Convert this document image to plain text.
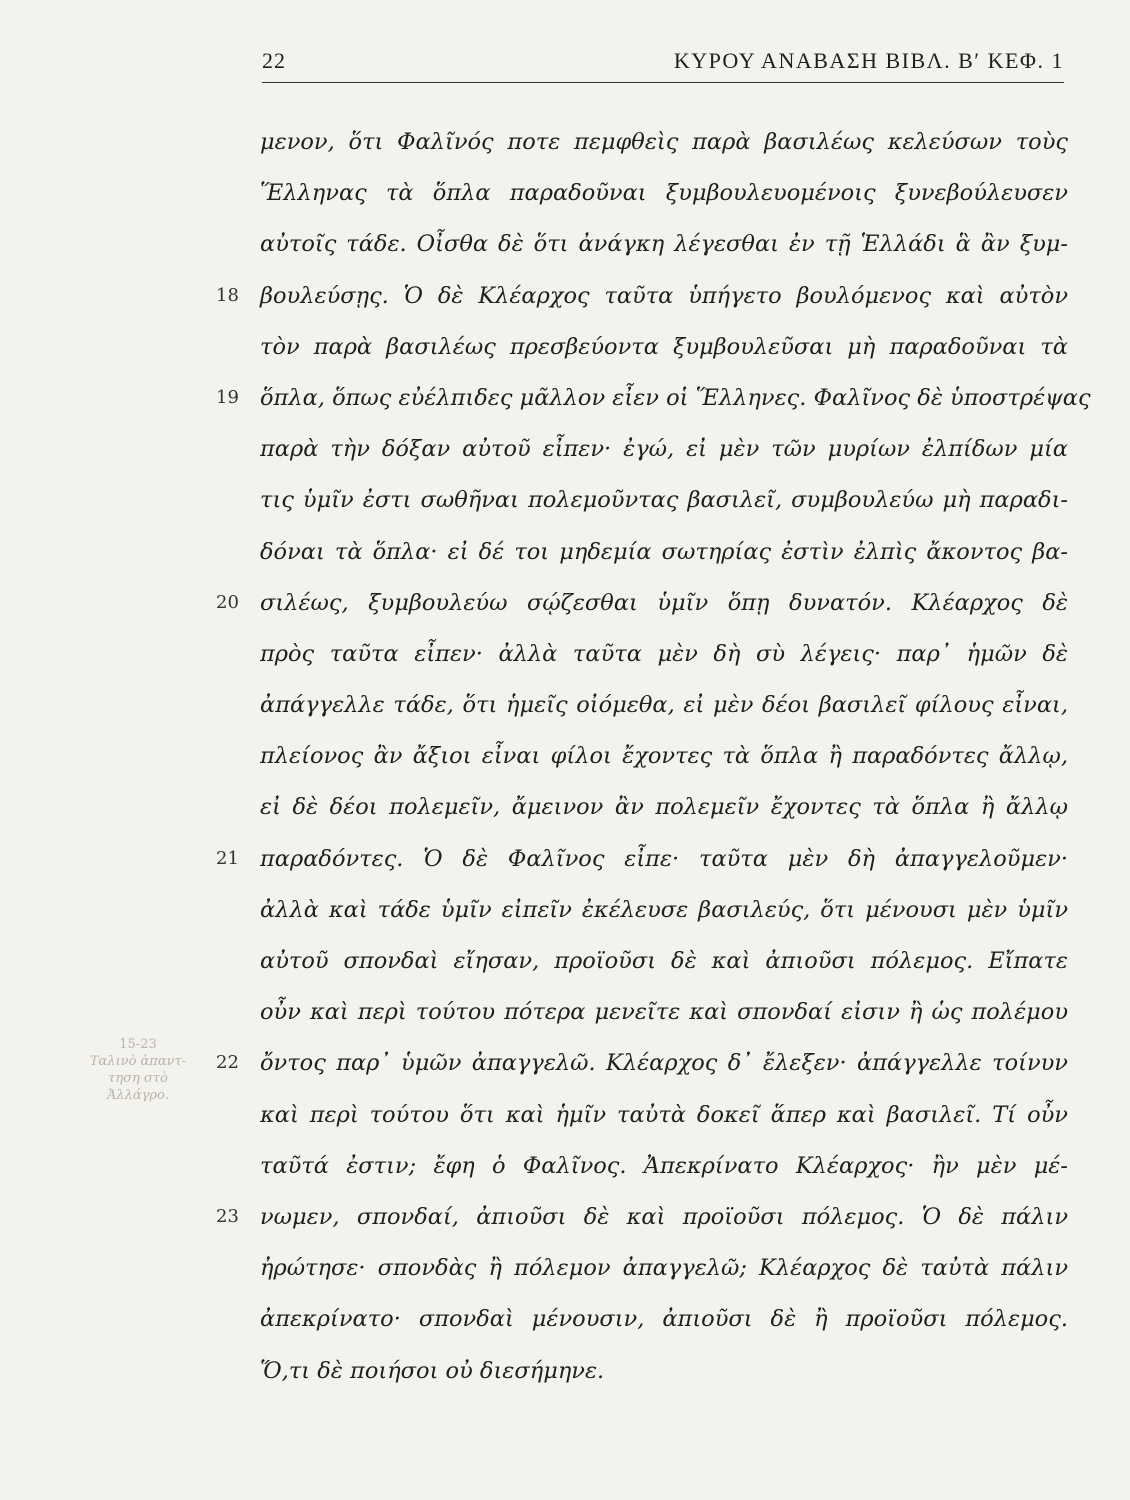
22	ΚΥΡΟΥ ΑΝΑΒΑΣΗ ΒΙΒΛ. Β′ ΚΕΦ. 1
μενον, ὅτι Φαλῖνός ποτε πεμφθεὶς παρὰ βασιλέως κελεύσων τοὺς
Ἕλληνας τὰ ὅπλα παραδοῦναι ξυμβουλευομένοις ξυνεβούλευσεν
αὐτοῖς τάδε. Οἶσθα δὲ ὅτι ἀνάγκη λέγεσθαι ἐν τῇ Ἑλλάδι ἃ ἂν ξυμ-
18 βουλεύσῃς. Ὁ δὲ Κλέαρχος ταῦτα ὑπήγετο βουλόμενος καὶ αὐτὸν
τὸν παρὰ βασιλέως πρεσβεύοντα ξυμβουλεῦσαι μὴ παραδοῦναι τὰ
19 ὅπλα, ὅπως εὐέλπιδες μᾶλλον εἶεν οἱ Ἕλληνες. Φαλῖνος δὲ ὑποστρέψας
παρὰ τὴν δόξαν αὐτοῦ εἶπεν· ἐγώ, εἰ μὲν τῶν μυρίων ἐλπίδων μία
τις ὑμῖν ἐστι σωθῆναι πολεμοῦντας βασιλεῖ, συμβουλεύω μὴ παραδι-
δόναι τὰ ὅπλα· εἰ δέ τοι μηδεμία σωτηρίας ἐστὶν ἐλπὶς ἄκοντος βα-
20 σιλέως, ξυμβουλεύω σῴζεσθαι ὑμῖν ὅπῃ δυνατόν. Κλέαρχος δὲ
πρὸς ταῦτα εἶπεν· ἀλλὰ ταῦτα μὲν δὴ σὺ λέγεις· παρ᾽ ἡμῶν δὲ
ἀπάγγελλε τάδε, ὅτι ἡμεῖς οἰόμεθα, εἰ μὲν δέοι βασιλεῖ φίλους εἶναι,
πλείονος ἂν ἄξιοι εἶναι φίλοι ἔχοντες τὰ ὅπλα ἢ παραδόντες ἄλλῳ,
εἰ δὲ δέοι πολεμεῖν, ἄμεινον ἂν πολεμεῖν ἔχοντες τὰ ὅπλα ἢ ἄλλῳ
21 παραδόντες. Ὁ δὲ Φαλῖνος εἶπε· ταῦτα μὲν δὴ ἀπαγγελοῦμεν·
ἀλλὰ καὶ τάδε ὑμῖν εἰπεῖν ἐκέλευσε βασιλεύς, ὅτι μένουσι μὲν ὑμῖν
αὐτοῦ σπονδαὶ εἴησαν, προϊοῦσι δὲ καὶ ἀπιοῦσι πόλεμος. Εἴπατε
οὖν καὶ περὶ τούτου πότερα μενεῖτε καὶ σπονδαί εἰσιν ἢ ὡς πολέμου
22 ὄντος παρ᾽ ὑμῶν ἀπαγγελῶ. Κλέαρχος δ᾽ ἔλεξεν· ἀπάγγελλε τοίνυν
καὶ περὶ τούτου ὅτι καὶ ἡμῖν ταὐτὰ δοκεῖ ἅπερ καὶ βασιλεῖ. Τί οὖν
ταῦτά ἐστιν; ἔφη ὁ Φαλῖνος. Ἀπεκρίνατο Κλέαρχος· ἢν μὲν μέ-
23 νωμεν, σπονδαί, ἀπιοῦσι δὲ καὶ προϊοῦσι πόλεμος. Ὁ δὲ πάλιν
ἠρώτησε· σπονδὰς ἢ πόλεμον ἀπαγγελῶ; Κλέαρχος δὲ ταὐτὰ πάλιν
ἀπεκρίνατο· σπονδαὶ μένουσιν, ἀπιοῦσι δὲ ἢ προϊοῦσι πόλεμος.
Ὅ,τι δὲ ποιήσοι οὐ διεσήμηνε.
15-23
Ταλινὸ ἀπαντ-
τηση στὸ
Ἀλλάγρο.
